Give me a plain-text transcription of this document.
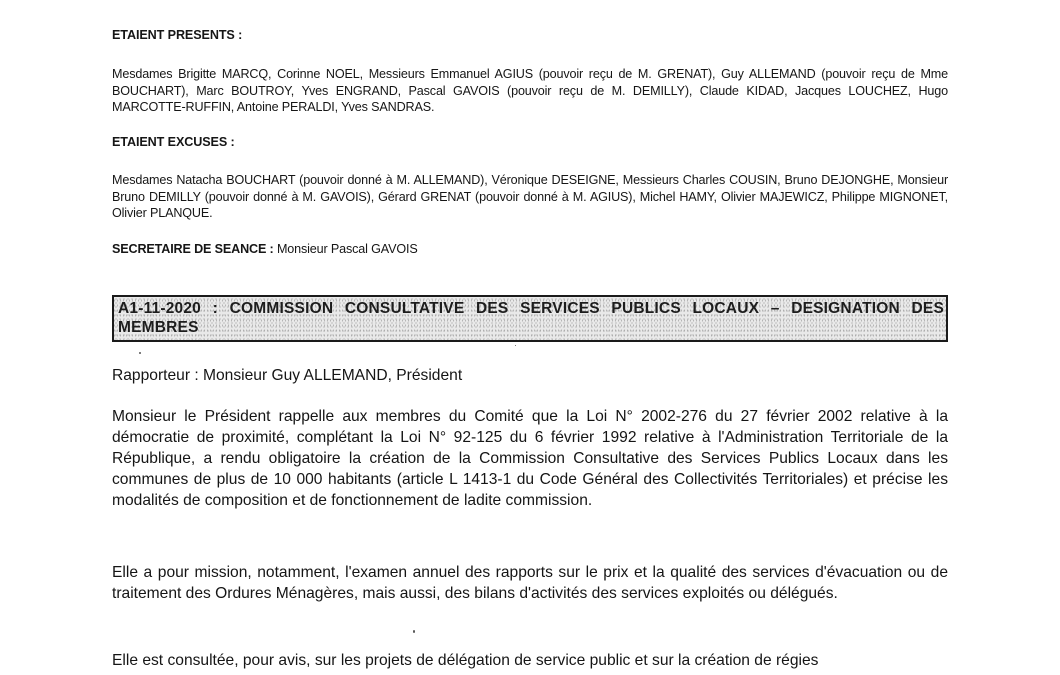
ETAIENT PRESENTS :

Mesdames Brigitte MARCQ, Corinne NOEL, Messieurs Emmanuel AGIUS (pouvoir reçu de M. GRENAT), Guy ALLEMAND (pouvoir reçu de Mme BOUCHART), Marc BOUTROY, Yves ENGRAND, Pascal GAVOIS (pouvoir reçu de M. DEMILLY), Claude KIDAD, Jacques LOUCHEZ, Hugo MARCOTTE-RUFFIN, Antoine PERALDI, Yves SANDRAS.

ETAIENT EXCUSES :

Mesdames Natacha BOUCHART (pouvoir donné à M. ALLEMAND), Véronique DESEIGNE, Messieurs Charles COUSIN, Bruno DEJONGHE, Monsieur Bruno DEMILLY (pouvoir donné à M. GAVOIS), Gérard GRENAT (pouvoir donné à M. AGIUS), Michel HAMY, Olivier MAJEWICZ, Philippe MIGNONET, Olivier PLANQUE.

SECRETAIRE DE SEANCE : Monsieur Pascal GAVOIS

A1-11-2020 : COMMISSION CONSULTATIVE DES SERVICES PUBLICS LOCAUX – DESIGNATION DES MEMBRES

Rapporteur : Monsieur Guy ALLEMAND, Président

Monsieur le Président rappelle aux membres du Comité que la Loi N° 2002-276 du 27 février 2002 relative à la démocratie de proximité, complétant la Loi N° 92-125 du 6 février 1992 relative à l'Administration Territoriale de la République, a rendu obligatoire la création de la Commission Consultative des Services Publics Locaux dans les communes de plus de 10 000 habitants (article L 1413-1 du Code Général des Collectivités Territoriales) et précise les modalités de composition et de fonctionnement de ladite commission.

Elle a pour mission, notamment, l'examen annuel des rapports sur le prix et la qualité des services d'évacuation ou de traitement des Ordures Ménagères, mais aussi, des bilans d'activités des services exploités ou délégués.

Elle est consultée, pour avis, sur les projets de délégation de service public et sur la création de régies
